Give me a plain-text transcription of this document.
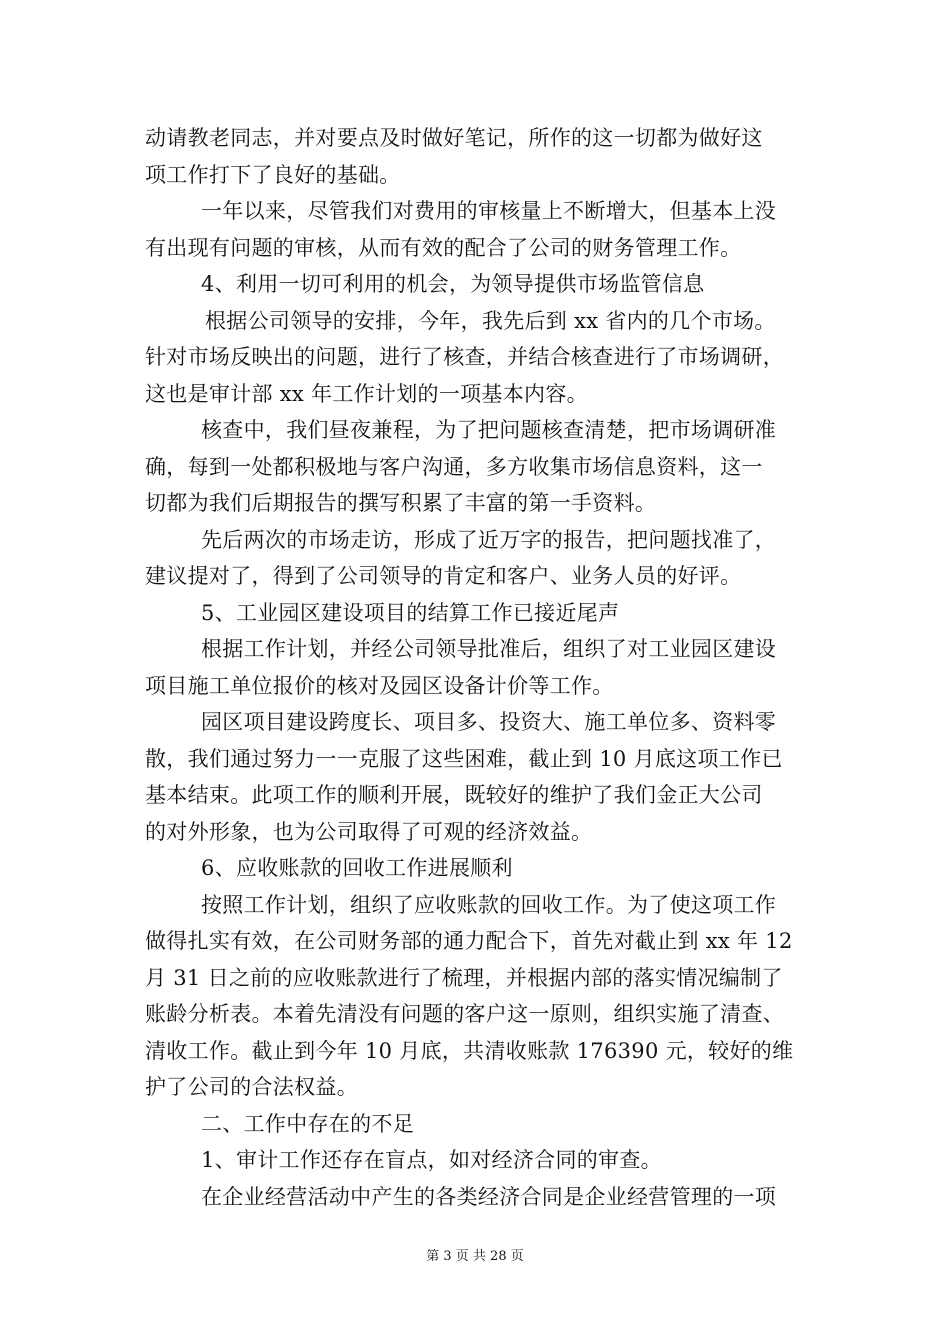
动请教老同志，并对要点及时做好笔记，所作的这一切都为做好这
项工作打下了良好的基础。
一年以来，尽管我们对费用的审核量上不断增大，但基本上没
有出现有问题的审核，从而有效的配合了公司的财务管理工作。
4、利用一切可利用的机会，为领导提供市场监管信息
根据公司领导的安排，今年，我先后到 xx 省内的几个市场。
针对市场反映出的问题，进行了核查，并结合核查进行了市场调研，
这也是审计部 xx 年工作计划的一项基本内容。
核查中，我们昼夜兼程，为了把问题核查清楚，把市场调研准
确，每到一处都积极地与客户沟通，多方收集市场信息资料，这一
切都为我们后期报告的撰写积累了丰富的第一手资料。
先后两次的市场走访，形成了近万字的报告，把问题找准了，
建议提对了，得到了公司领导的肯定和客户、业务人员的好评。
5、工业园区建设项目的结算工作已接近尾声
根据工作计划，并经公司领导批准后，组织了对工业园区建设
项目施工单位报价的核对及园区设备计价等工作。
园区项目建设跨度长、项目多、投资大、施工单位多、资料零
散，我们通过努力一一克服了这些困难，截止到 10 月底这项工作已
基本结束。此项工作的顺利开展，既较好的维护了我们金正大公司
的对外形象，也为公司取得了可观的经济效益。
6、应收账款的回收工作进展顺利
按照工作计划，组织了应收账款的回收工作。为了使这项工作
做得扎实有效，在公司财务部的通力配合下，首先对截止到 xx 年 12
月 31 日之前的应收账款进行了梳理，并根据内部的落实情况编制了
账龄分析表。本着先清没有问题的客户这一原则，组织实施了清查、
清收工作。截止到今年 10 月底，共清收账款 176390 元，较好的维
护了公司的合法权益。
二、工作中存在的不足
1、审计工作还存在盲点，如对经济合同的审查。
在企业经营活动中产生的各类经济合同是企业经营管理的一项
第 3 页 共 28 页
